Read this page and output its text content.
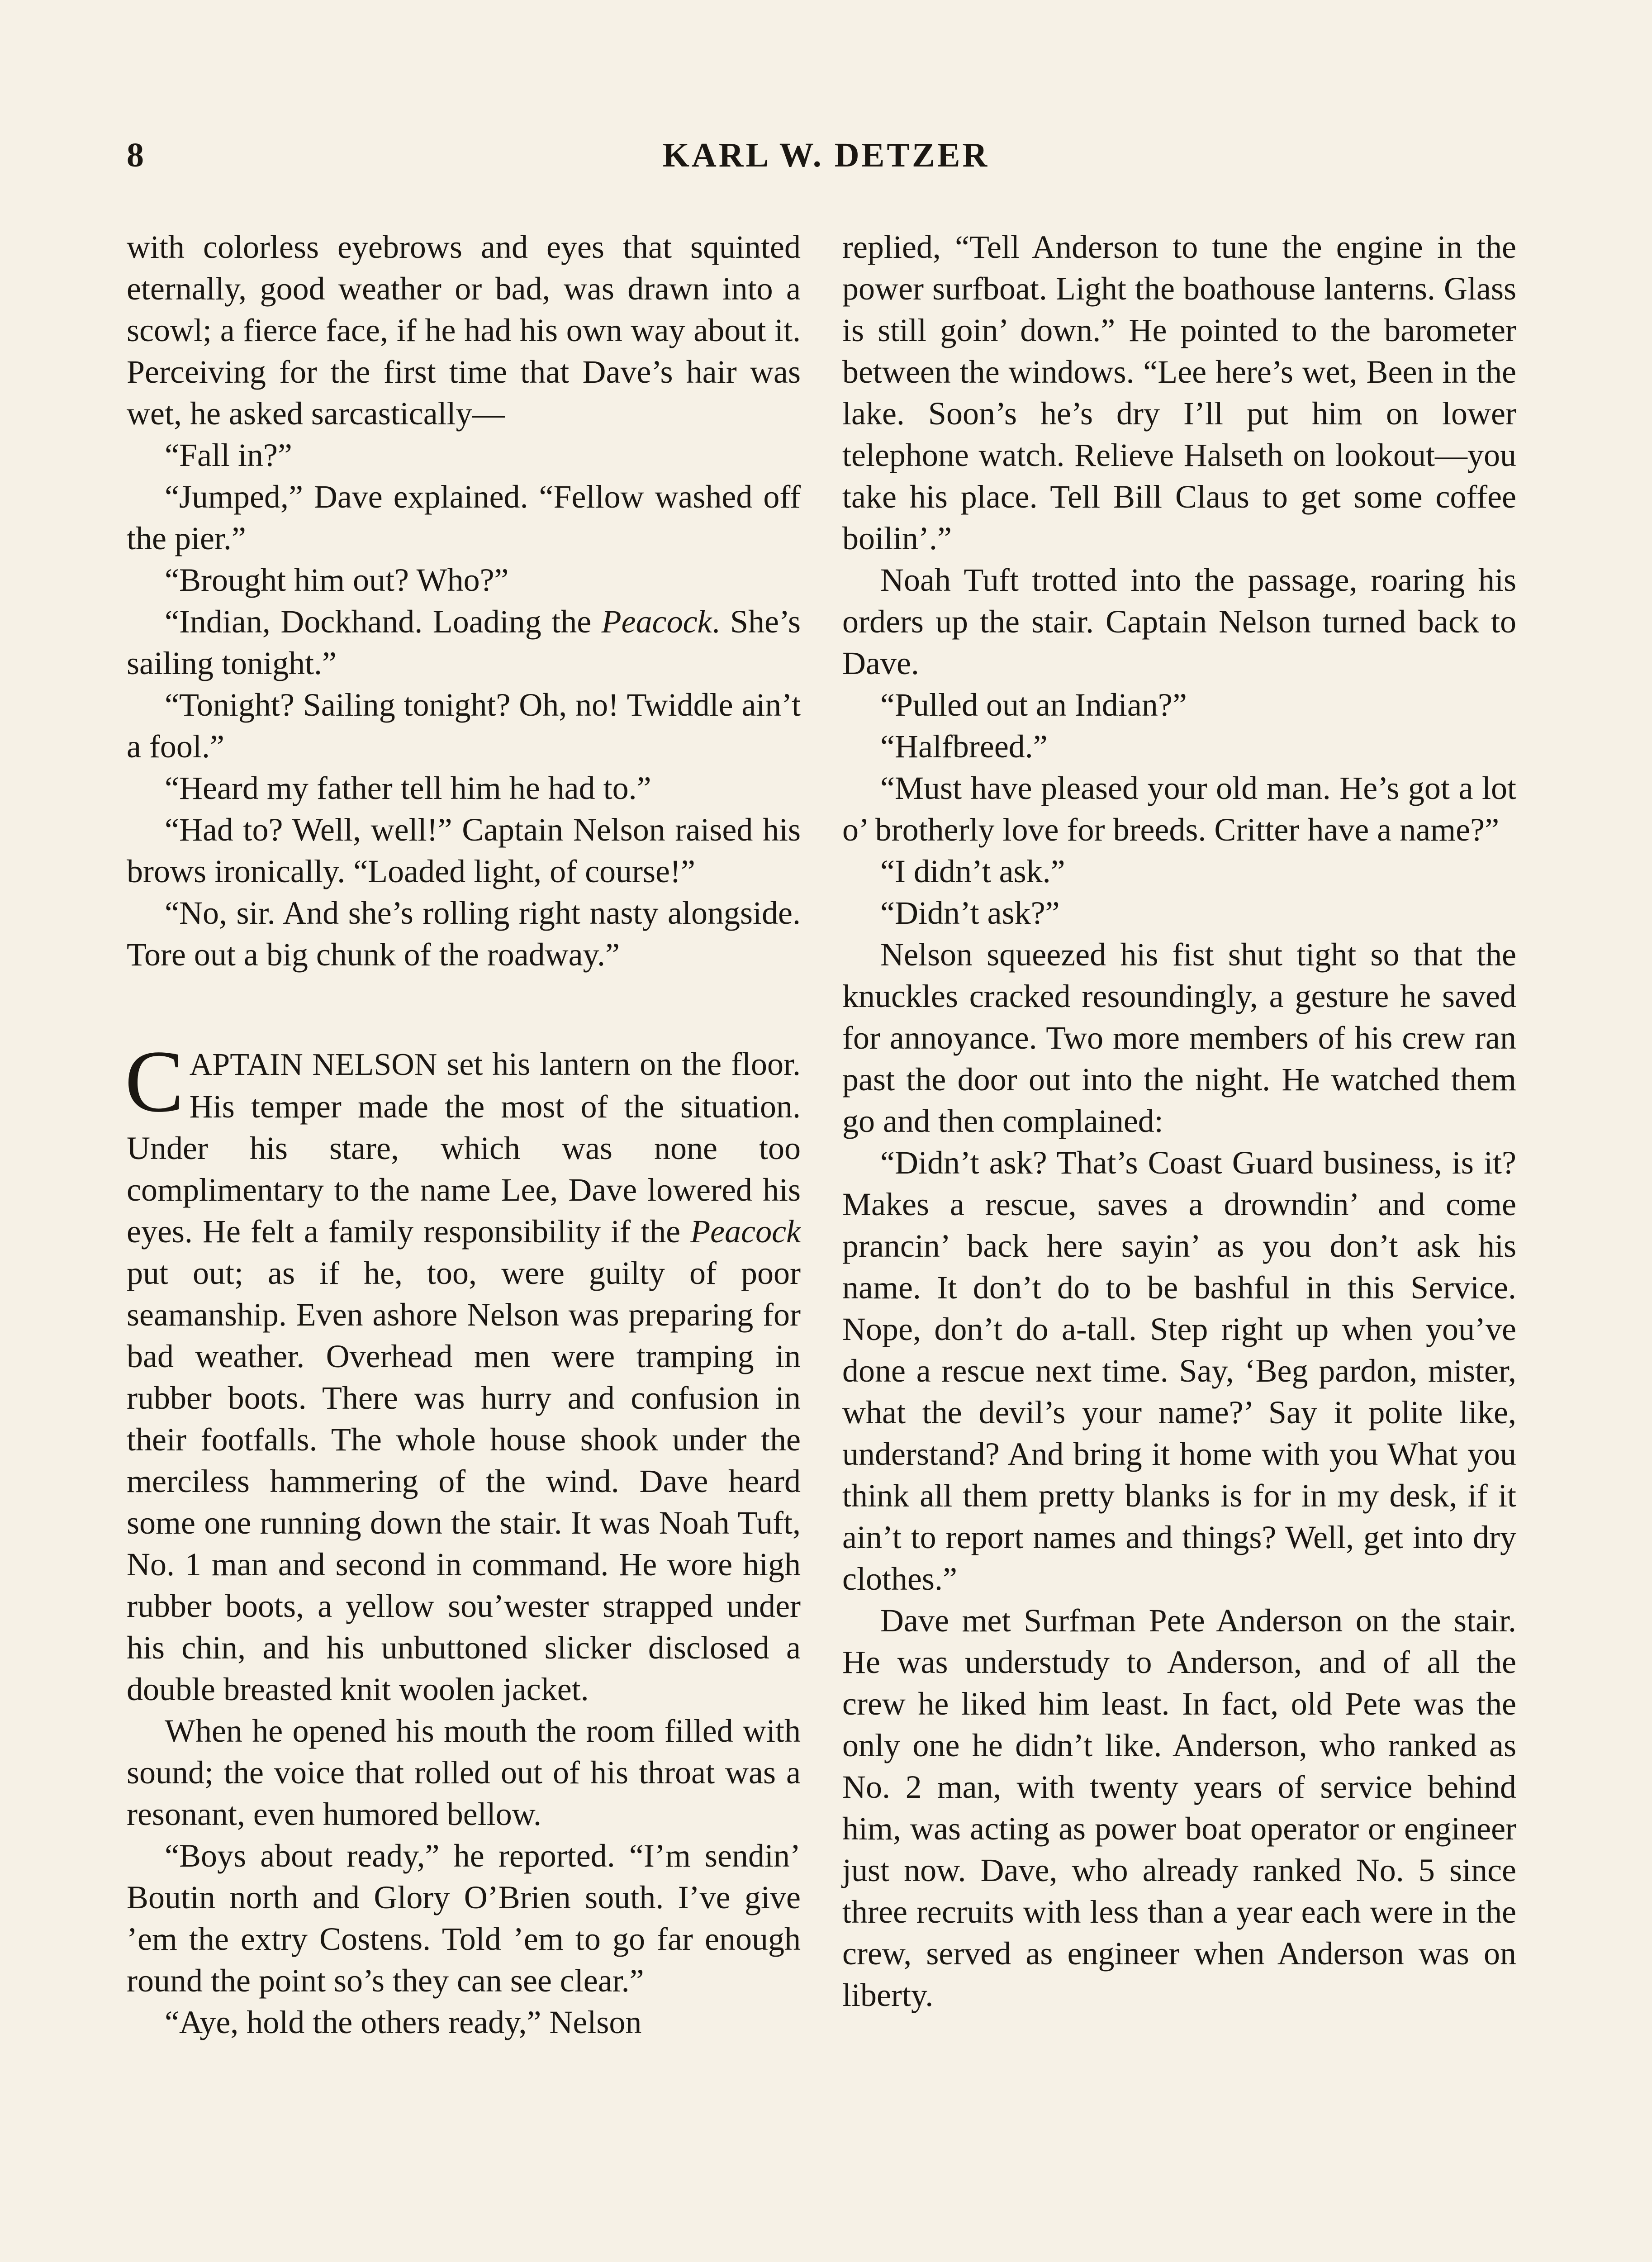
8	KARL W. DETZER

with colorless eyebrows and eyes that squinted eternally, good weather or bad, was drawn into a scowl; a fierce face, if he had his own way about it. Perceiving for the first time that Dave’s hair was wet, he asked sarcastically—

“Fall in?”

“Jumped,” Dave explained. “Fellow washed off the pier.”

“Brought him out? Who?”

“Indian, Dockhand. Loading the Peacock. She’s sailing tonight.”

“Tonight? Sailing tonight? Oh, no! Twiddle ain’t a fool.”

“Heard my father tell him he had to.”

“Had to? Well, well!” Captain Nelson raised his brows ironically. “Loaded light, of course!”

“No, sir. And she’s rolling right nasty alongside. Tore out a big chunk of the roadway.”

CAPTAIN NELSON set his lantern on the floor. His temper made the most of the situation. Under his stare, which was none too complimentary to the name Lee, Dave lowered his eyes. He felt a family responsibility if the Peacock put out; as if he, too, were guilty of poor seamanship. Even ashore Nelson was preparing for bad weather. Overhead men were tramping in rubber boots. There was hurry and confusion in their footfalls. The whole house shook under the merciless hammering of the wind. Dave heard some one running down the stair. It was Noah Tuft, No. 1 man and second in command. He wore high rubber boots, a yellow sou’wester strapped under his chin, and his unbuttoned slicker disclosed a double breasted knit woolen jacket.

When he opened his mouth the room filled with sound; the voice that rolled out of his throat was a resonant, even humored bellow.

“Boys about ready,” he reported. “I’m sendin’ Boutin north and Glory O’Brien south. I’ve give ’em the extry Costens. Told ’em to go far enough round the point so’s they can see clear.”

“Aye, hold the others ready,” Nelson

replied, “Tell Anderson to tune the engine in the power surfboat. Light the boathouse lanterns. Glass is still goin’ down.” He pointed to the barometer between the windows. “Lee here’s wet, Been in the lake. Soon’s he’s dry I’ll put him on lower telephone watch. Relieve Halseth on lookout—you take his place. Tell Bill Claus to get some coffee boilin’.”

Noah Tuft trotted into the passage, roaring his orders up the stair. Captain Nelson turned back to Dave.

“Pulled out an Indian?”

“Halfbreed.”

“Must have pleased your old man. He’s got a lot o’ brotherly love for breeds. Critter have a name?”

“I didn’t ask.”

“Didn’t ask?”

Nelson squeezed his fist shut tight so that the knuckles cracked resoundingly, a gesture he saved for annoyance. Two more members of his crew ran past the door out into the night. He watched them go and then complained:

“Didn’t ask? That’s Coast Guard business, is it? Makes a rescue, saves a drowndin’ and come prancin’ back here sayin’ as you don’t ask his name. It don’t do to be bashful in this Service. Nope, don’t do a-tall. Step right up when you’ve done a rescue next time. Say, ‘Beg pardon, mister, what the devil’s your name?’ Say it polite like, understand? And bring it home with you What you think all them pretty blanks is for in my desk, if it ain’t to report names and things? Well, get into dry clothes.”

Dave met Surfman Pete Anderson on the stair. He was understudy to Anderson, and of all the crew he liked him least. In fact, old Pete was the only one he didn’t like. Anderson, who ranked as No. 2 man, with twenty years of service behind him, was acting as power boat operator or engineer just now. Dave, who already ranked No. 5 since three recruits with less than a year each were in the crew, served as engineer when Anderson was on liberty.
